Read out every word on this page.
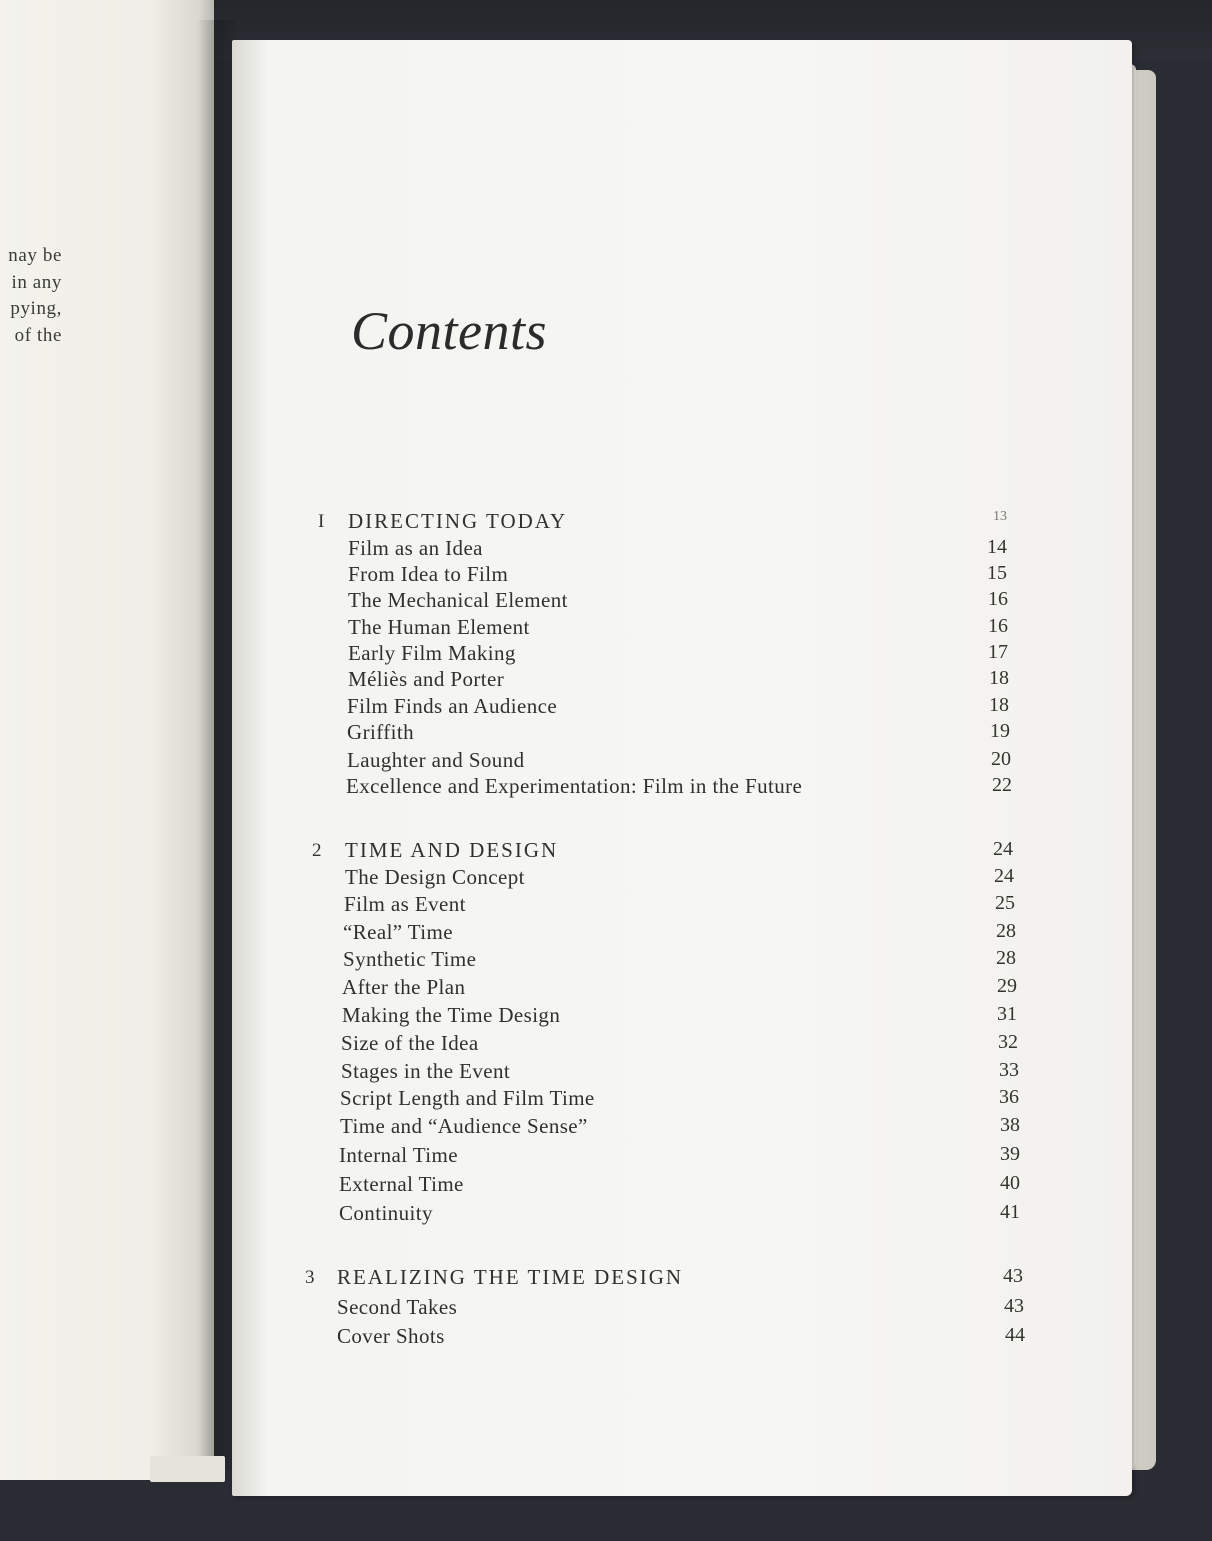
nay be
in any
pying,
of the	Contents
I DIRECTING TODAY	13
Film as an Idea	14
From Idea to Film	15
The Mechanical Element	16
The Human Element	16
Early Film Making	17
Méliès and Porter	18
Film Finds an Audience	18
Griffith	19
Laughter and Sound	20
Excellence and Experimentation: Film in the Future	22
2 TIME AND DESIGN	24
The Design Concept	24
Film as Event	25
“Real” Time	28
Synthetic Time	28
After the Plan	29
Making the Time Design	31
Size of the Idea	32
Stages in the Event	33
Script Length and Film Time	36
Time and “Audience Sense”	38
Internal Time	39
External Time	40
Continuity	41
3 REALIZING THE TIME DESIGN	43
Second Takes	43
Cover Shots	44
